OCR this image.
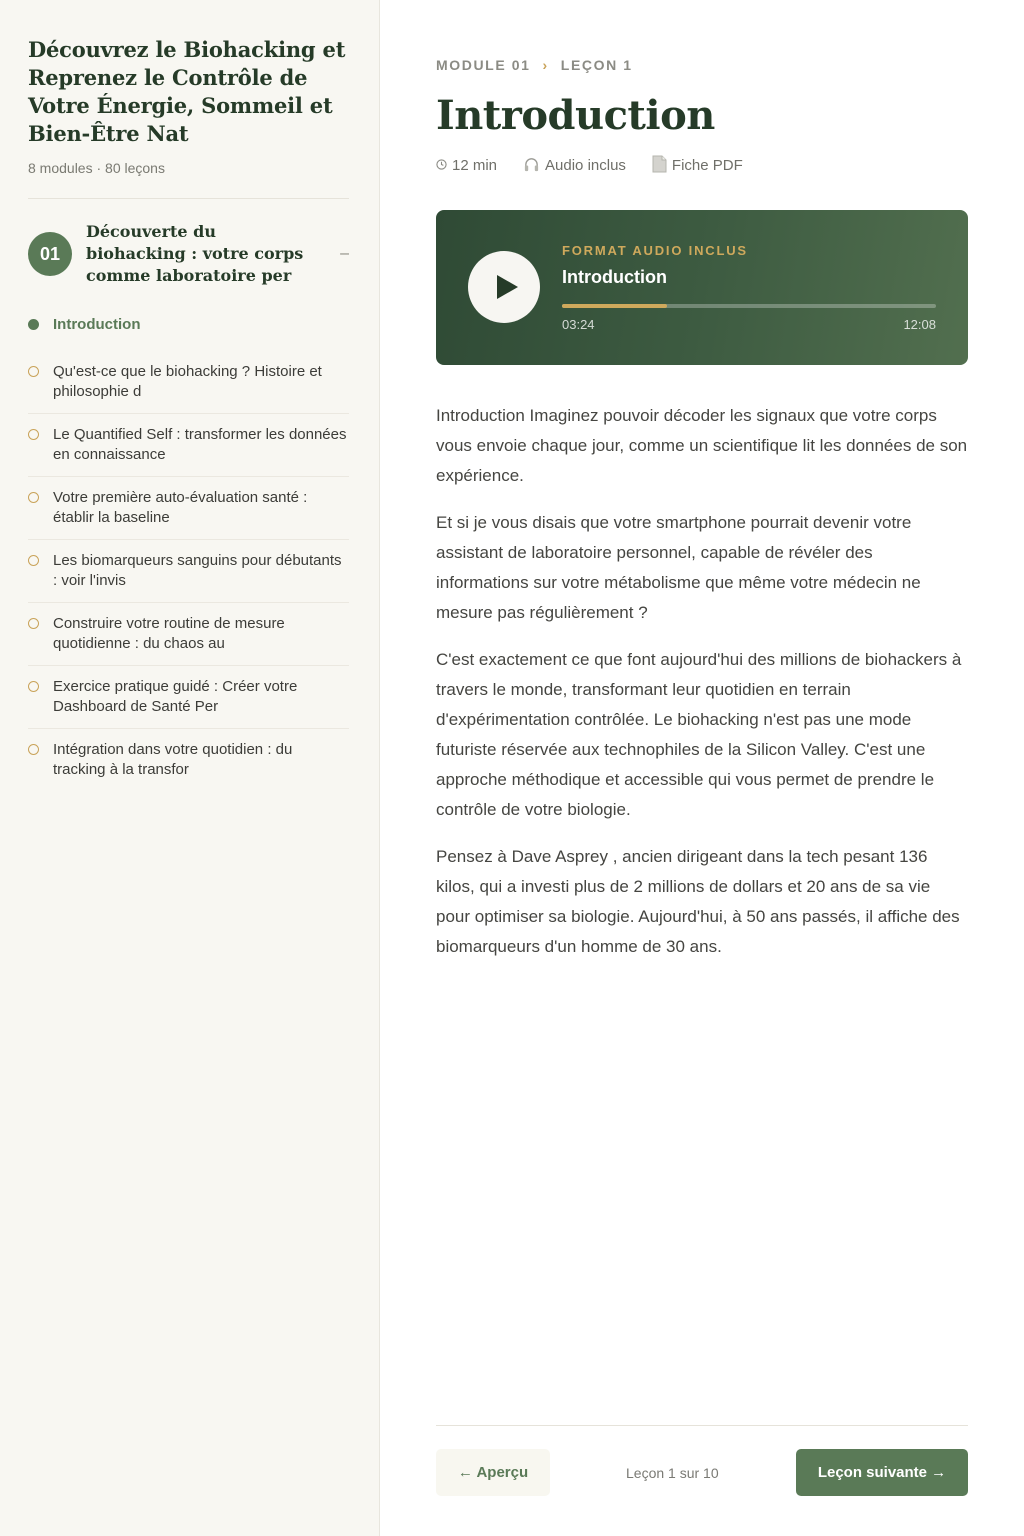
Découvrez le Biohacking et Reprenez le Contrôle de Votre Énergie, Sommeil et Bien-Être Nat
8 modules · 80 leçons
01
Découverte du biohacking : votre corps comme laboratoire per
–
Introduction
Qu'est-ce que le biohacking ? Histoire et philosophie d
Le Quantified Self : transformer les données en connaissance
Votre première auto-évaluation santé : établir la baseline
Les biomarqueurs sanguins pour débutants : voir l'invis
Construire votre routine de mesure quotidienne : du chaos au
Exercice pratique guidé : Créer votre Dashboard de Santé Per
Intégration dans votre quotidien : du tracking à la transfor
MODULE 01 › LEÇON 1
Introduction
12 min	Audio inclus	Fiche PDF
FORMAT AUDIO INCLUS
Introduction
03:24	12:08

Introduction Imaginez pouvoir décoder les signaux que votre corps vous envoie chaque jour, comme un scientifique lit les données de son expérience.

Et si je vous disais que votre smartphone pourrait devenir votre assistant de laboratoire personnel, capable de révéler des informations sur votre métabolisme que même votre médecin ne mesure pas régulièrement ?

C'est exactement ce que font aujourd'hui des millions de biohackers à travers le monde, transformant leur quotidien en terrain d'expérimentation contrôlée. Le biohacking n'est pas une mode futuriste réservée aux technophiles de la Silicon Valley. C'est une approche méthodique et accessible qui vous permet de prendre le contrôle de votre biologie.

Pensez à Dave Asprey , ancien dirigeant dans la tech pesant 136 kilos, qui a investi plus de 2 millions de dollars et 20 ans de sa vie pour optimiser sa biologie. Aujourd'hui, à 50 ans passés, il affiche des biomarqueurs d'un homme de 30 ans.

← Aperçu	Leçon 1 sur 10	Leçon suivante →
